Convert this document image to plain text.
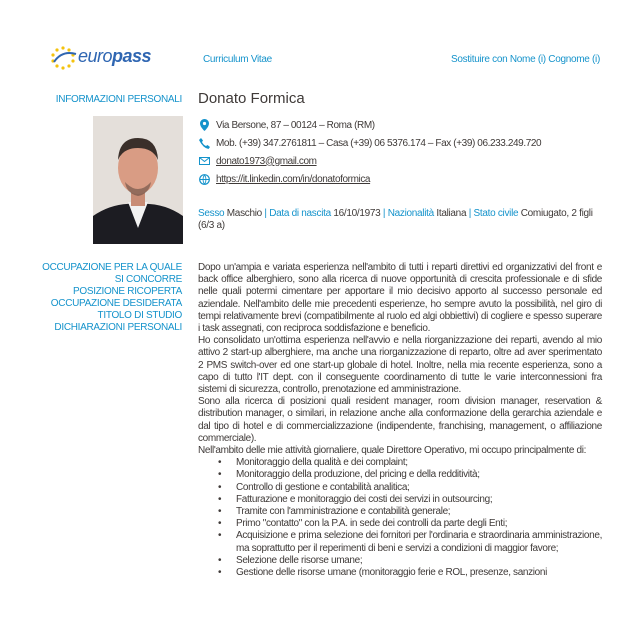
europass	Curriculum Vitae	Sostituire con Nome (i) Cognome (i)
INFORMAZIONI PERSONALI
OCCUPAZIONE PER LA QUALE
SI CONCORRE
POSIZIONE RICOPERTA
OCCUPAZIONE DESIDERATA
TITOLO DI STUDIO
DICHIARAZIONI PERSONALI
Donato Formica
Via Bersone, 87 – 00124 – Roma (RM)
Mob. (+39) 347.2761811 – Casa (+39) 06 5376.174 – Fax (+39) 06.233.249.720
donato1973@gmail.com
https://it.linkedin.com/in/donatoformica
Sesso Maschio | Data di nascita 16/10/1973 | Nazionalità Italiana | Stato civile Comiugato, 2 figli (6/3 a)

Dopo un'ampia e variata esperienza nell'ambito di tutti i reparti direttivi ed organizzativi del front e back office alberghiero, sono alla ricerca di nuove opportunità di crescita professionale e di sfide nelle quali potermi cimentare per apportare il mio decisivo apporto al successo personale ed aziendale. Nell'ambito delle mie precedenti esperienze, ho sempre avuto la possibilità, nel giro di tempi relativamente brevi (compatibilmente al ruolo ed algi obbiettivi) di cogliere e spesso superare i task assegnati, con reciproca soddisfazione e beneficio.

Ho consolidato un'ottima esperienza nell'avvio e nella riorganizzazione dei reparti, avendo al mio attivo 2 start-up alberghiere, ma anche una riorganizzazione di reparto, oltre ad aver sperimentato 2 PMS switch-over ed one start-up globale di hotel. Inoltre, nella mia recente esperienza, sono a capo di tutto l'IT dept. con il conseguente coordinamento di tutte le varie interconnessioni fra sistemi di sicurezza, controllo, prenotazione ed amministrazione.

Sono alla ricerca di posizioni quali resident manager, room division manager, reservation & distribution manager, o similari, in relazione anche alla conformazione della gerarchia aziendale e dal tipo di hotel e di commercializzazione (indipendente, franchising, management, o affiliazione commerciale).

Nell'ambito delle mie attività giornaliere, quale Direttore Operativo, mi occupo principalmente di:

• Monitoraggio della qualità e dei complaint;
• Monitoraggio della produzione, del pricing e della redditività;
• Controllo di gestione e contabilità analitica;
• Fatturazione e monitoraggio dei costi dei servizi in outsourcing;
• Tramite con l'amministrazione e contabilità generale;
• Primo "contatto" con la P.A. in sede dei controlli da parte degli Enti;
• Acquisizione e prima selezione dei fornitori per l'ordinaria e straordinaria amministrazione, ma soprattutto per il reperimenti di beni e servizi a condizioni di maggior favore;
• Selezione delle risorse umane;
• Gestione delle risorse umane (monitoraggio ferie e ROL, presenze, sanzioni
